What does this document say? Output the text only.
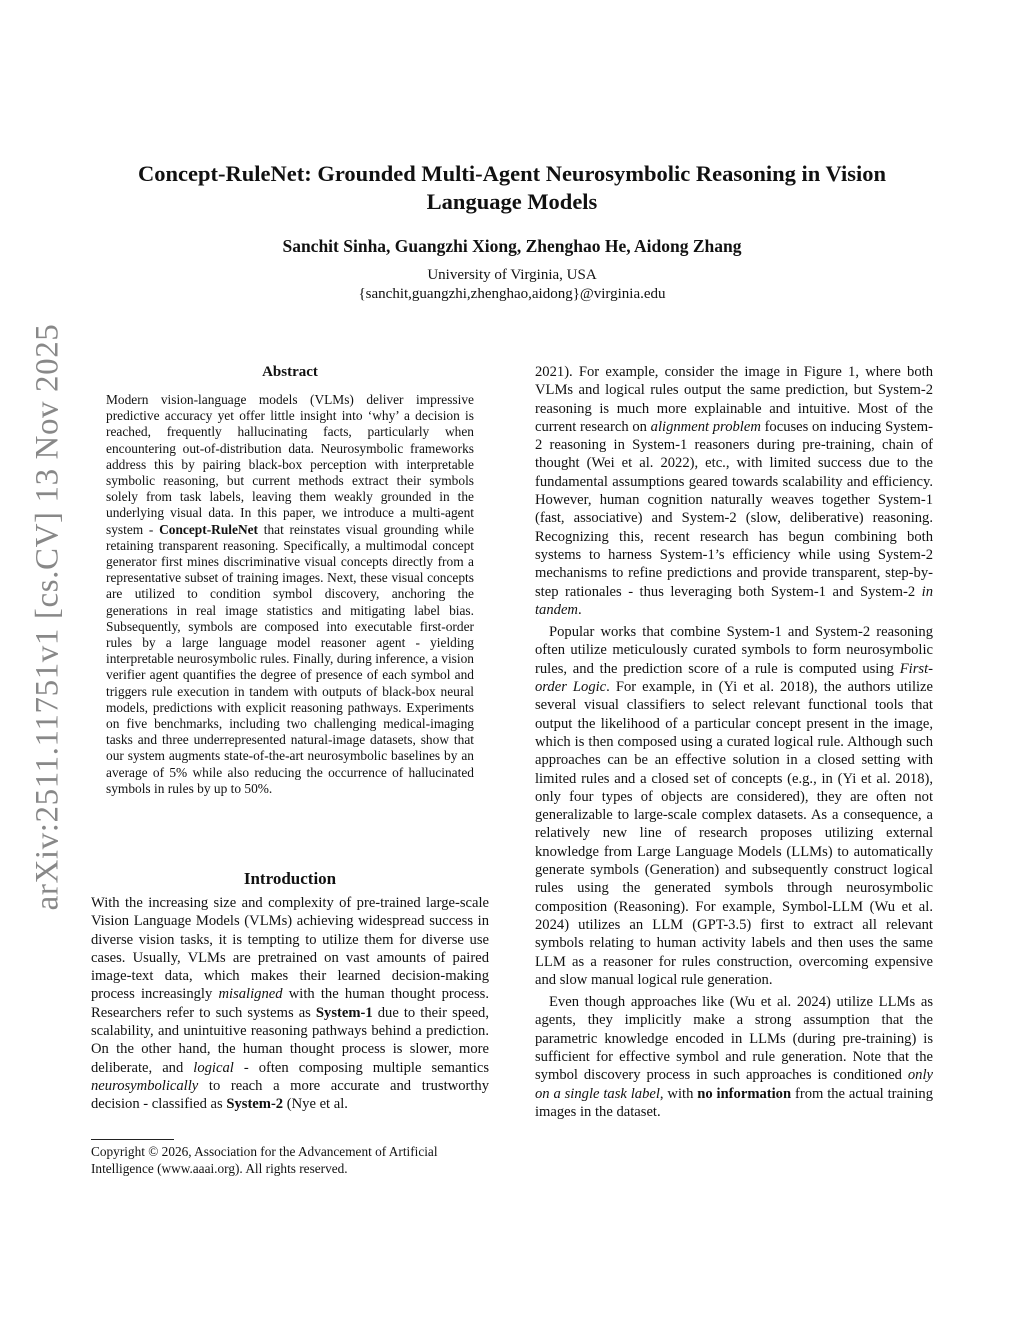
arXiv:2511.11751v1 [cs.CV] 13 Nov 2025
Concept-RuleNet: Grounded Multi-Agent Neurosymbolic Reasoning in Vision Language Models
Sanchit Sinha, Guangzhi Xiong, Zhenghao He, Aidong Zhang
University of Virginia, USA
{sanchit,guangzhi,zhenghao,aidong}@virginia.edu
Abstract

Modern vision-language models (VLMs) deliver impressive predictive accuracy yet offer little insight into ‘why’ a decision is reached, frequently hallucinating facts, particularly when encountering out-of-distribution data. Neurosymbolic frameworks address this by pairing black-box perception with interpretable symbolic reasoning, but current methods extract their symbols solely from task labels, leaving them weakly grounded in the underlying visual data. In this paper, we introduce a multi-agent system - Concept-RuleNet that reinstates visual grounding while retaining transparent reasoning. Specifically, a multimodal concept generator first mines discriminative visual concepts directly from a representative subset of training images. Next, these visual concepts are utilized to condition symbol discovery, anchoring the generations in real image statistics and mitigating label bias. Subsequently, symbols are composed into executable first-order rules by a large language model reasoner agent - yielding interpretable neurosymbolic rules. Finally, during inference, a vision verifier agent quantifies the degree of presence of each symbol and triggers rule execution in tandem with outputs of black-box neural models, predictions with explicit reasoning pathways. Experiments on five benchmarks, including two challenging medical-imaging tasks and three underrepresented natural-image datasets, show that our system augments state-of-the-art neurosymbolic baselines by an average of 5% while also reducing the occurrence of hallucinated symbols in rules by up to 50%.

Introduction

With the increasing size and complexity of pre-trained large-scale Vision Language Models (VLMs) achieving widespread success in diverse vision tasks, it is tempting to utilize them for diverse use cases. Usually, VLMs are pretrained on vast amounts of paired image-text data, which makes their learned decision-making process increasingly misaligned with the human thought process. Researchers refer to such systems as System-1 due to their speed, scalability, and unintuitive reasoning pathways behind a prediction. On the other hand, the human thought process is slower, more deliberate, and logical - often composing multiple semantics neurosymbolically to reach a more accurate and trustworthy decision - classified as System-2 (Nye et al.

Copyright © 2026, Association for the Advancement of Artificial Intelligence (www.aaai.org). All rights reserved.

2021). For example, consider the image in Figure 1, where both VLMs and logical rules output the same prediction, but System-2 reasoning is much more explainable and intuitive. Most of the current research on alignment problem focuses on inducing System-2 reasoning in System-1 reasoners during pre-training, chain of thought (Wei et al. 2022), etc., with limited success due to the fundamental assumptions geared towards scalability and efficiency. However, human cognition naturally weaves together System-1 (fast, associative) and System-2 (slow, deliberative) reasoning. Recognizing this, recent research has begun combining both systems to harness System-1’s efficiency while using System-2 mechanisms to refine predictions and provide transparent, step-by-step rationales - thus leveraging both System-1 and System-2 in tandem.

Popular works that combine System-1 and System-2 reasoning often utilize meticulously curated symbols to form neurosymbolic rules, and the prediction score of a rule is computed using First-order Logic. For example, in (Yi et al. 2018), the authors utilize several visual classifiers to select relevant functional tools that output the likelihood of a particular concept present in the image, which is then composed using a curated logical rule. Although such approaches can be an effective solution in a closed setting with limited rules and a closed set of concepts (e.g., in (Yi et al. 2018), only four types of objects are considered), they are often not generalizable to large-scale complex datasets. As a consequence, a relatively new line of research proposes utilizing external knowledge from Large Language Models (LLMs) to automatically generate symbols (Generation) and subsequently construct logical rules using the generated symbols through neurosymbolic composition (Reasoning). For example, Symbol-LLM (Wu et al. 2024) utilizes an LLM (GPT-3.5) first to extract all relevant symbols relating to human activity labels and then uses the same LLM as a reasoner for rules construction, overcoming expensive and slow manual logical rule generation.

Even though approaches like (Wu et al. 2024) utilize LLMs as agents, they implicitly make a strong assumption that the parametric knowledge encoded in LLMs (during pre-training) is sufficient for effective symbol and rule generation. Note that the symbol discovery process in such approaches is conditioned only on a single task label, with no information from the actual training images in the dataset.
